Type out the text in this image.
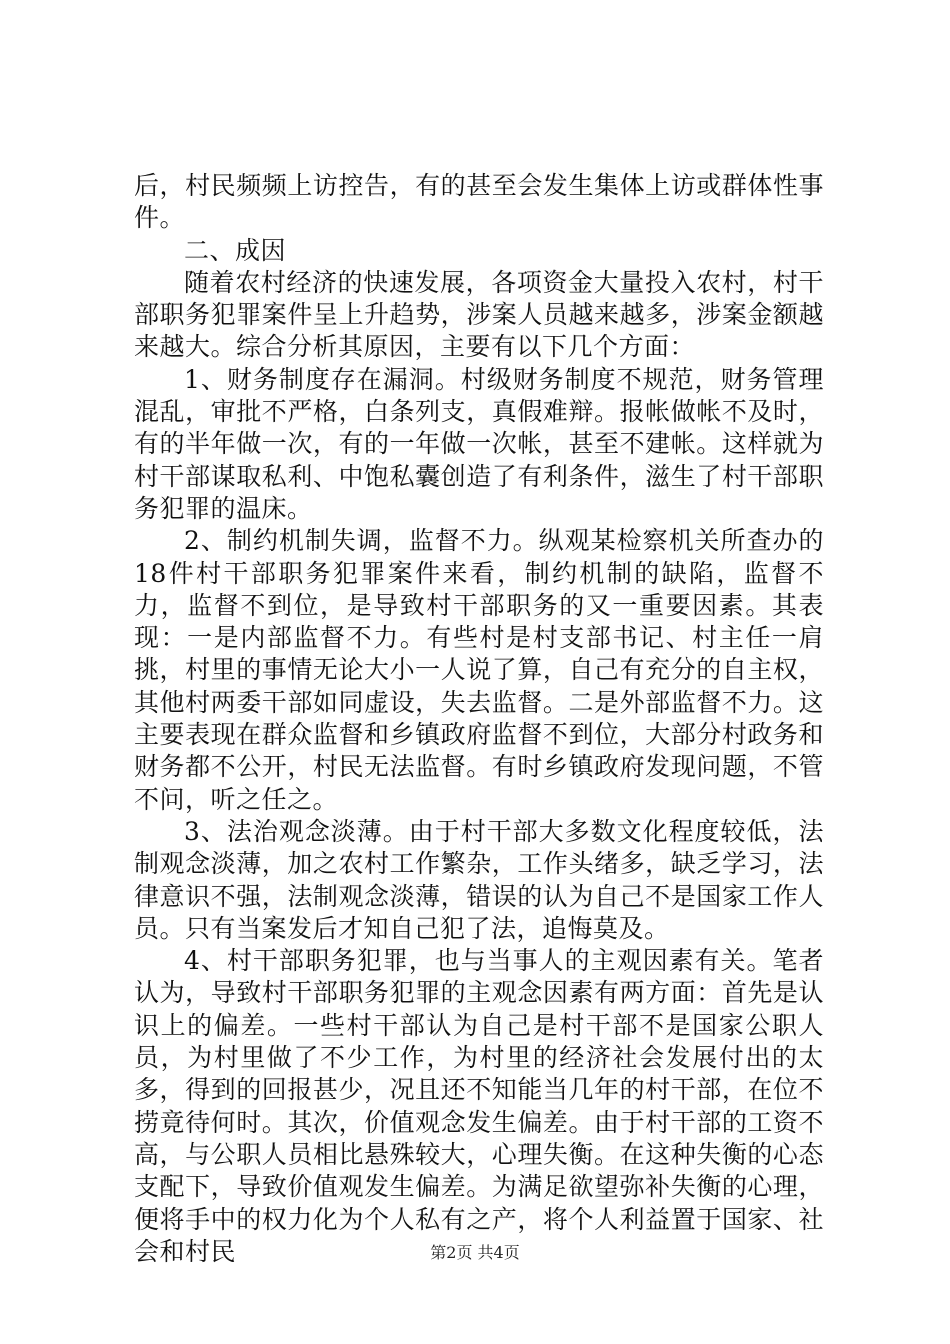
后，村民频频上访控告，有的甚至会发生集体上访或群体性事件。

二、成因

随着农村经济的快速发展，各项资金大量投入农村，村干部职务犯罪案件呈上升趋势，涉案人员越来越多，涉案金额越来越大。综合分析其原因，主要有以下几个方面：

1、财务制度存在漏洞。村级财务制度不规范，财务管理混乱，审批不严格，白条列支，真假难辩。报帐做帐不及时，有的半年做一次，有的一年做一次帐，甚至不建帐。这样就为村干部谋取私利、中饱私囊创造了有利条件，滋生了村干部职务犯罪的温床。

2、制约机制失调，监督不力。纵观某检察机关所查办的18件村干部职务犯罪案件来看，制约机制的缺陷，监督不力，监督不到位，是导致村干部职务的又一重要因素。其表现：一是内部监督不力。有些村是村支部书记、村主任一肩挑，村里的事情无论大小一人说了算，自己有充分的自主权，其他村两委干部如同虚设，失去监督。二是外部监督不力。这主要表现在群众监督和乡镇政府监督不到位，大部分村政务和财务都不公开，村民无法监督。有时乡镇政府发现问题，不管不问，听之任之。

3、法治观念淡薄。由于村干部大多数文化程度较低，法制观念淡薄，加之农村工作繁杂，工作头绪多，缺乏学习，法律意识不强，法制观念淡薄，错误的认为自己不是国家工作人员。只有当案发后才知自己犯了法，追悔莫及。

4、村干部职务犯罪，也与当事人的主观因素有关。笔者认为，导致村干部职务犯罪的主观念因素有两方面：首先是认识上的偏差。一些村干部认为自己是村干部不是国家公职人员，为村里做了不少工作，为村里的经济社会发展付出的太多，得到的回报甚少，况且还不知能当几年的村干部，在位不捞竟待何时。其次，价值观念发生偏差。由于村干部的工资不高，与公职人员相比悬殊较大，心理失衡。在这种失衡的心态支配下，导致价值观发生偏差。为满足欲望弥补失衡的心理，便将手中的权力化为个人私有之产，将个人利益置于国家、社会和村民	第2页 共4页
